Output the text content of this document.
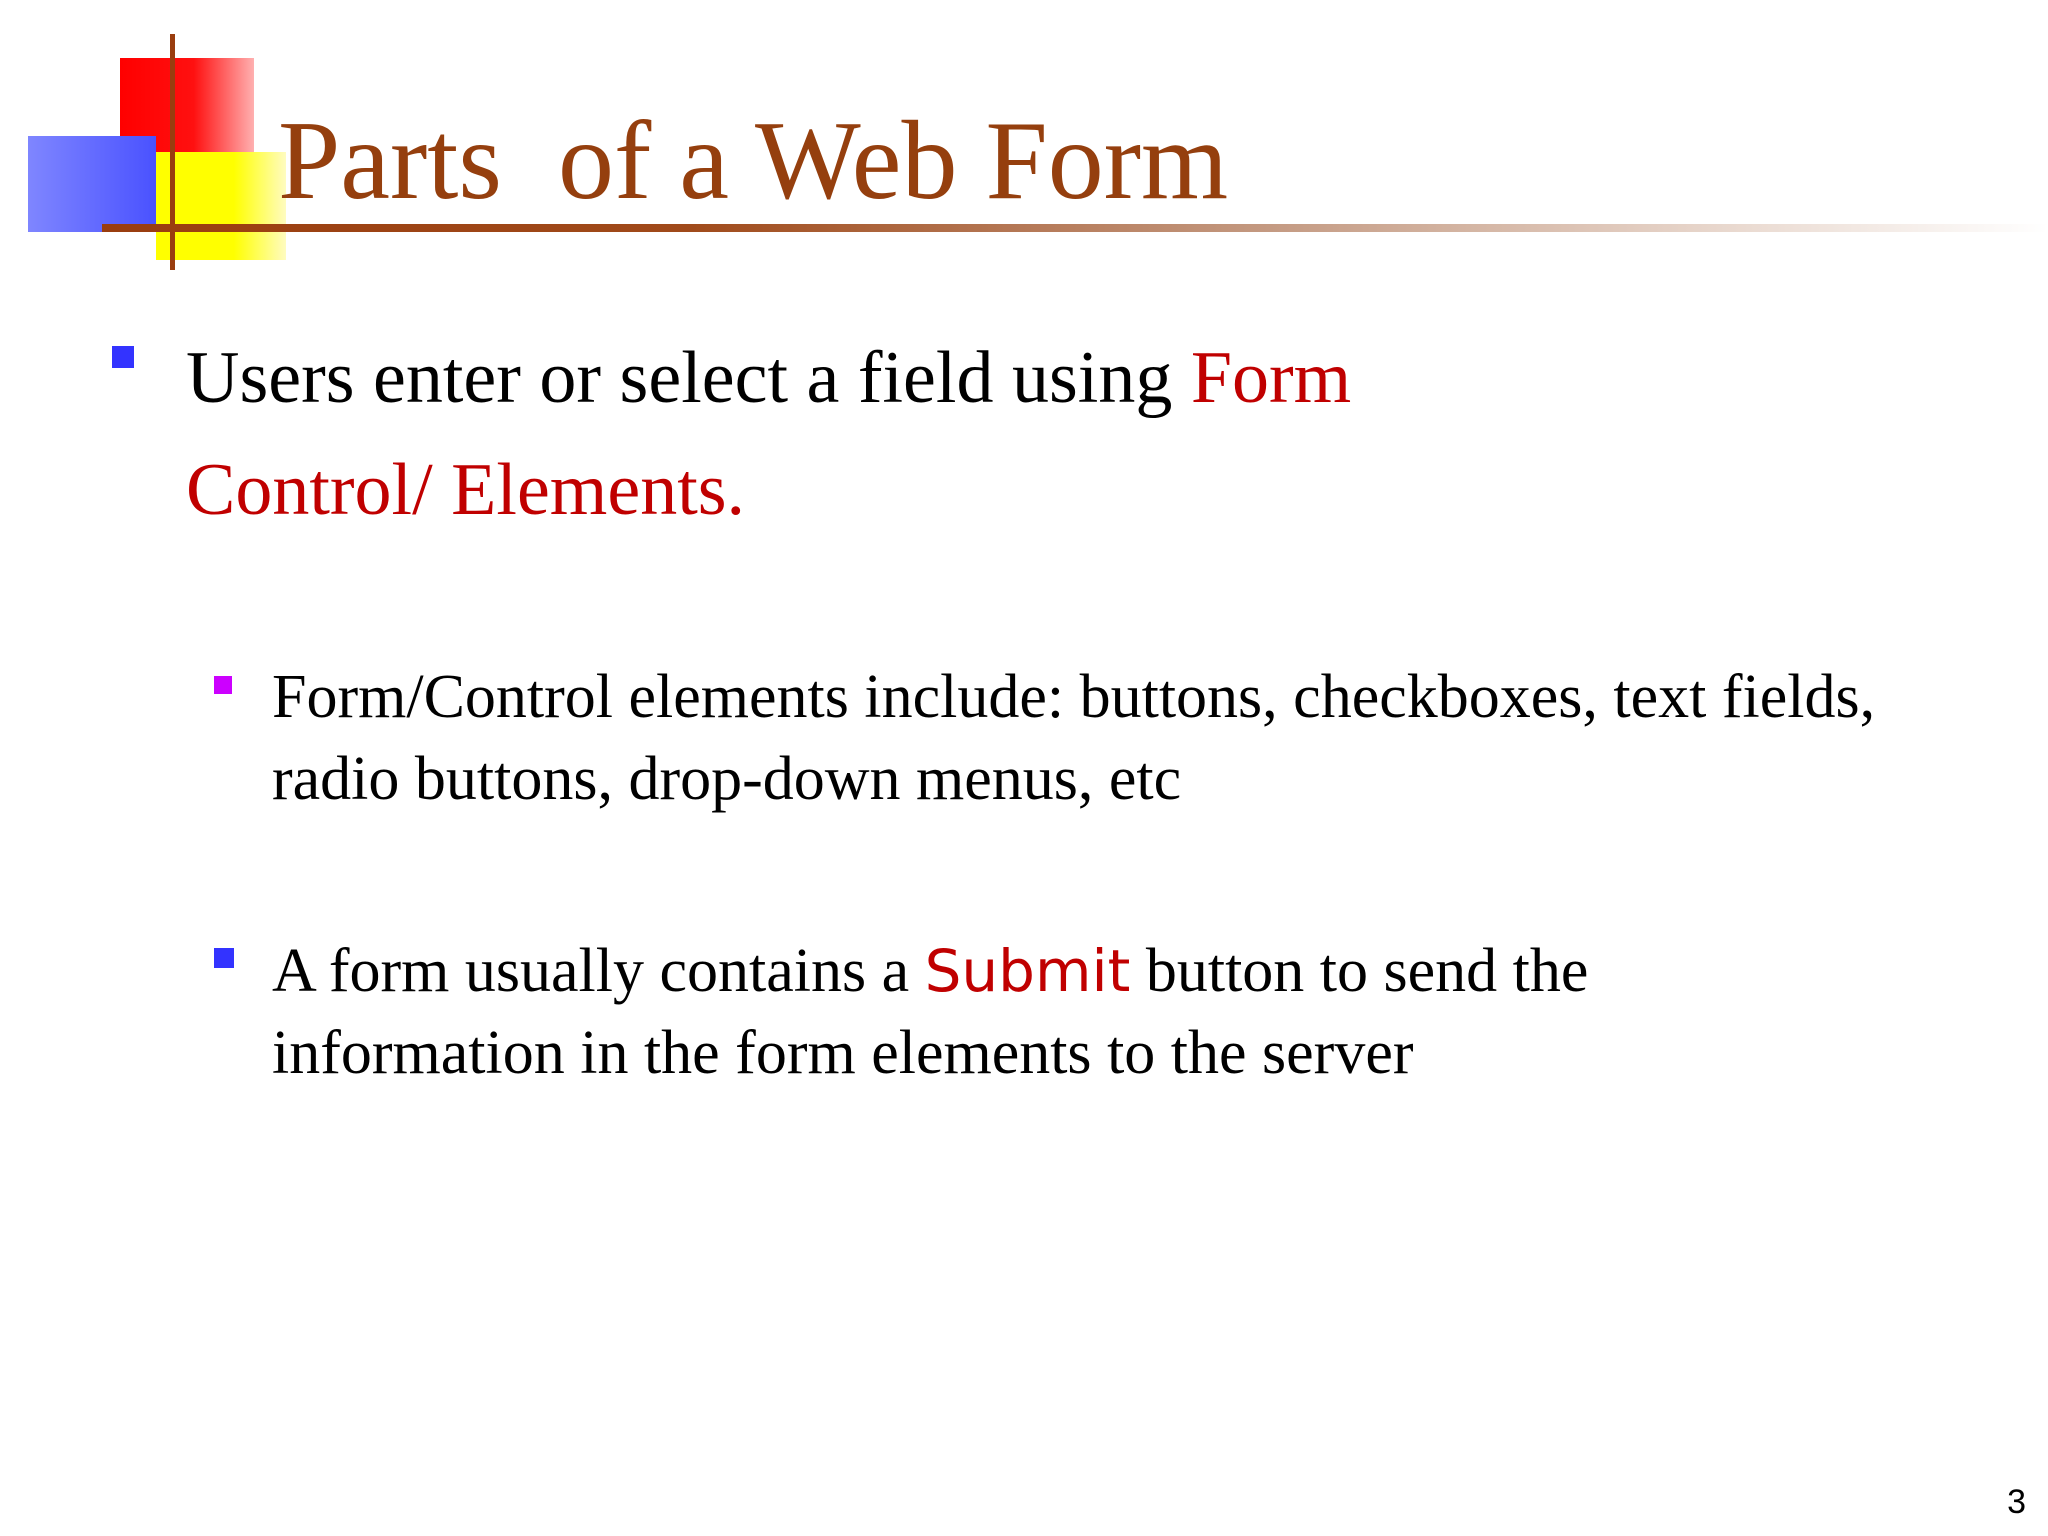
Parts  of a Web Form

Users enter or select a field using Form Control/ Elements.

Form/Control elements include: buttons, checkboxes, text fields, radio buttons, drop-down menus, etc

A form usually contains a Submit button to send the information in the form elements to the server

3
